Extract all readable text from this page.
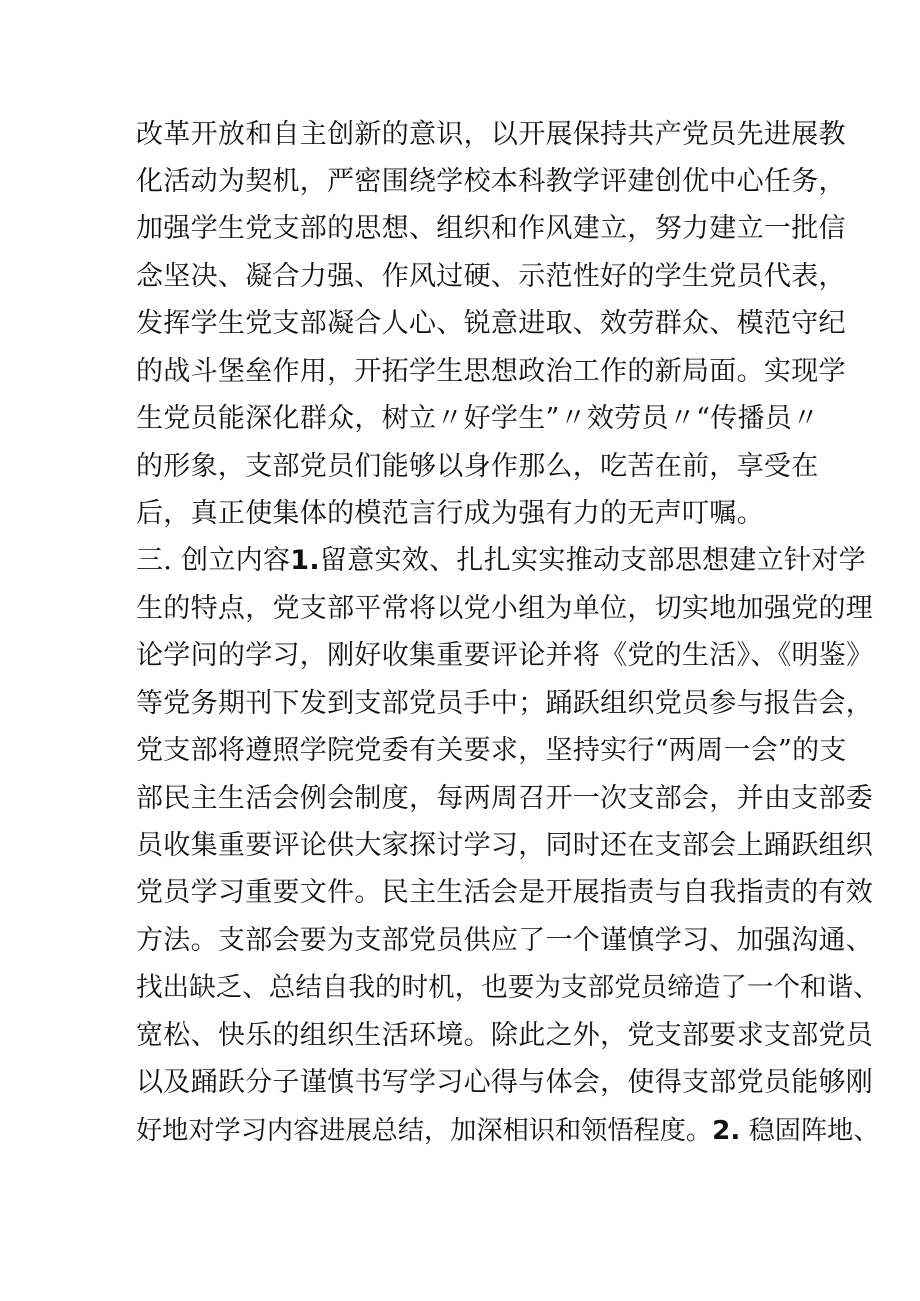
改革开放和自主创新的意识，以开展保持共产党员先进展教

化活动为契机，严密围绕学校本科教学评建创优中心任务，

加强学生党支部的思想、组织和作风建立，努力建立一批信

念坚决、凝合力强、作风过硬、示范性好的学生党员代表，

发挥学生党支部凝合人心、锐意进取、效劳群众、模范守纪

的战斗堡垒作用，开拓学生思想政治工作的新局面。实现学

生党员能深化群众，树立〃好学生”〃效劳员〃“传播员〃

的形象，支部党员们能够以身作那么，吃苦在前，享受在

后，真正使集体的模范言行成为强有力的无声叮嘱。

三. 创立内容1.留意实效、扎扎实实推动支部思想建立针对学

生的特点，党支部平常将以党小组为单位，切实地加强党的理

论学问的学习，刚好收集重要评论并将《党的生活》、《明鉴》

等党务期刊下发到支部党员手中；踊跃组织党员参与报告会，

党支部将遵照学院党委有关要求，坚持实行“两周一会”的支

部民主生活会例会制度，每两周召开一次支部会，并由支部委

员收集重要评论供大家探讨学习，同时还在支部会上踊跃组织

党员学习重要文件。民主生活会是开展指责与自我指责的有效

方法。支部会要为支部党员供应了一个谨慎学习、加强沟通、

找出缺乏、总结自我的时机，也要为支部党员缔造了一个和谐、

宽松、快乐的组织生活环境。除此之外，党支部要求支部党员

以及踊跃分子谨慎书写学习心得与体会，使得支部党员能够刚

好地对学习内容进展总结，加深相识和领悟程度。2. 稳固阵地、
